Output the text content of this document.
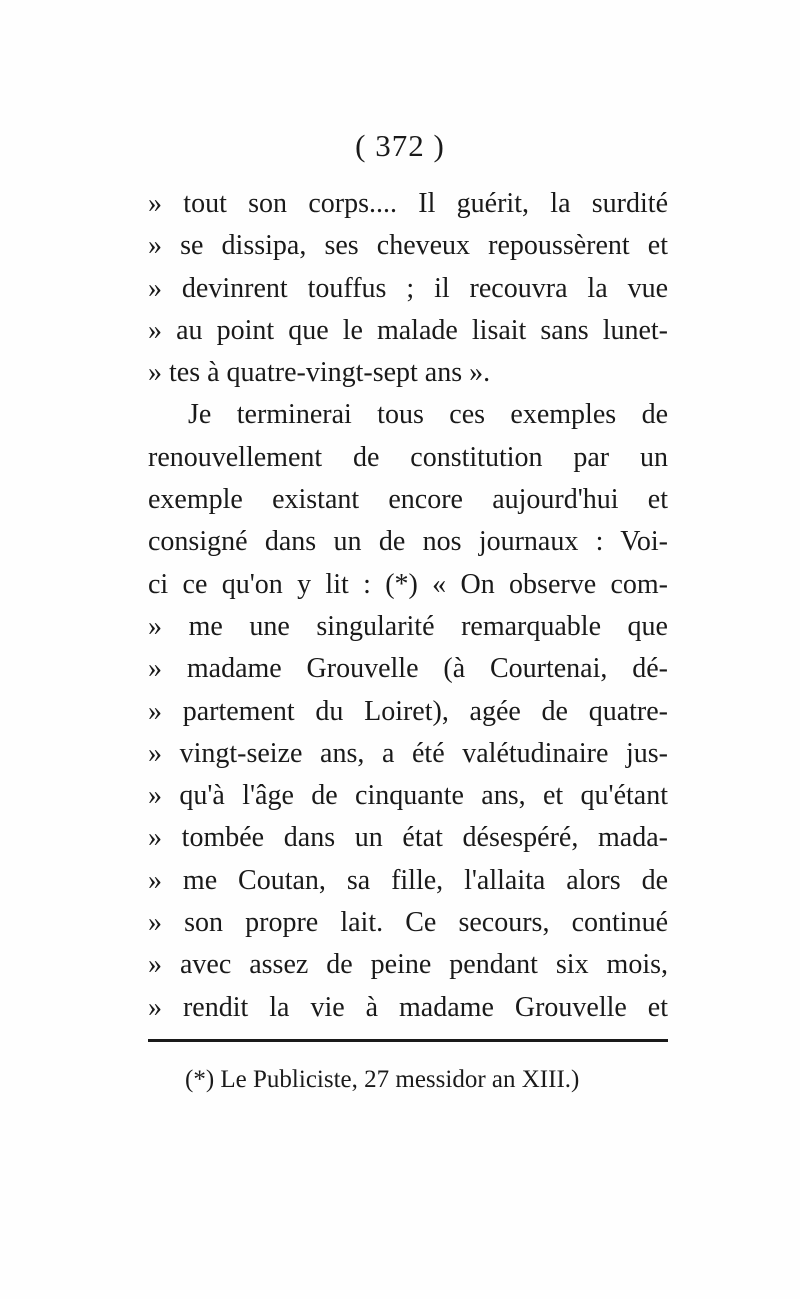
( 372 )
» tout son corps.... Il guérit, la surdité
» se dissipa, ses cheveux repoussèrent et
» devinrent touffus ; il recouvra la vue
» au point que le malade lisait sans lunet-
» tes à quatre-vingt-sept ans ».
Je terminerai tous ces exemples de
renouvellement de constitution par un
exemple existant encore aujourd'hui et
consigné dans un de nos journaux : Voi-
ci ce qu'on y lit : (*) « On observe com-
» me une singularité remarquable que
» madame Grouvelle (à Courtenai, dé-
» partement du Loiret), agée de quatre-
» vingt-seize ans, a été valétudinaire jus-
» qu'à l'âge de cinquante ans, et qu'étant
» tombée dans un état désespéré, mada-
» me Coutan, sa fille, l'allaita alors de
» son propre lait. Ce secours, continué
» avec assez de peine pendant six mois,
» rendit la vie à madame Grouvelle et
(*) Le Publiciste, 27 messidor an XIII.)
